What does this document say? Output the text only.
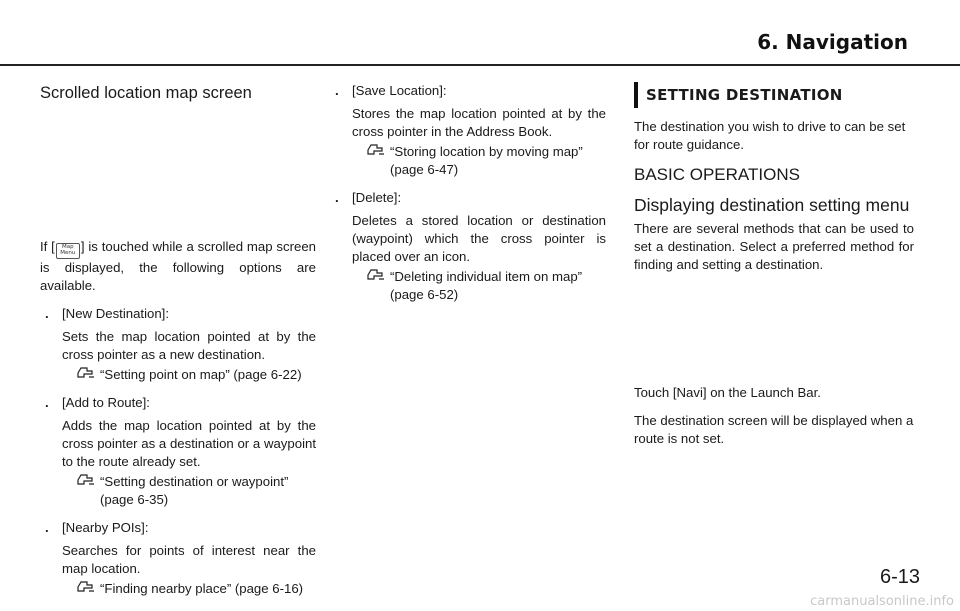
6. Navigation

Scrolled location map screen

If [ Map
Menu ] is touched while a scrolled map screen is displayed, the following options are available.

. [New Destination]:

Sets the map location pointed at by the cross pointer as a new destination.

“Setting point on map” (page 6-22)
. [Add to Route]:

Adds the map location pointed at by the cross pointer as a destination or a waypoint to the route already set.

“Setting destination or waypoint”
(page 6-35)
. [Nearby POIs]:

Searches for points of interest near the map location.

“Finding nearby place” (page 6-16)
. [Save Location]:

Stores the map location pointed at by the cross pointer in the Address Book.

“Storing location by moving map”
(page 6-47)
. [Delete]:

Deletes a stored location or destination (waypoint) which the cross pointer is placed over an icon.

“Deleting individual item on map”
(page 6-52)
SETTING DESTINATION

The destination you wish to drive to can be set for route guidance.

BASIC OPERATIONS

Displaying destination setting menu

There are several methods that can be used to set a destination. Select a preferred method for finding and setting a destination.

Touch [Navi] on the Launch Bar.

The destination screen will be displayed when a route is not set.

6-13
carmanualsonline.info
